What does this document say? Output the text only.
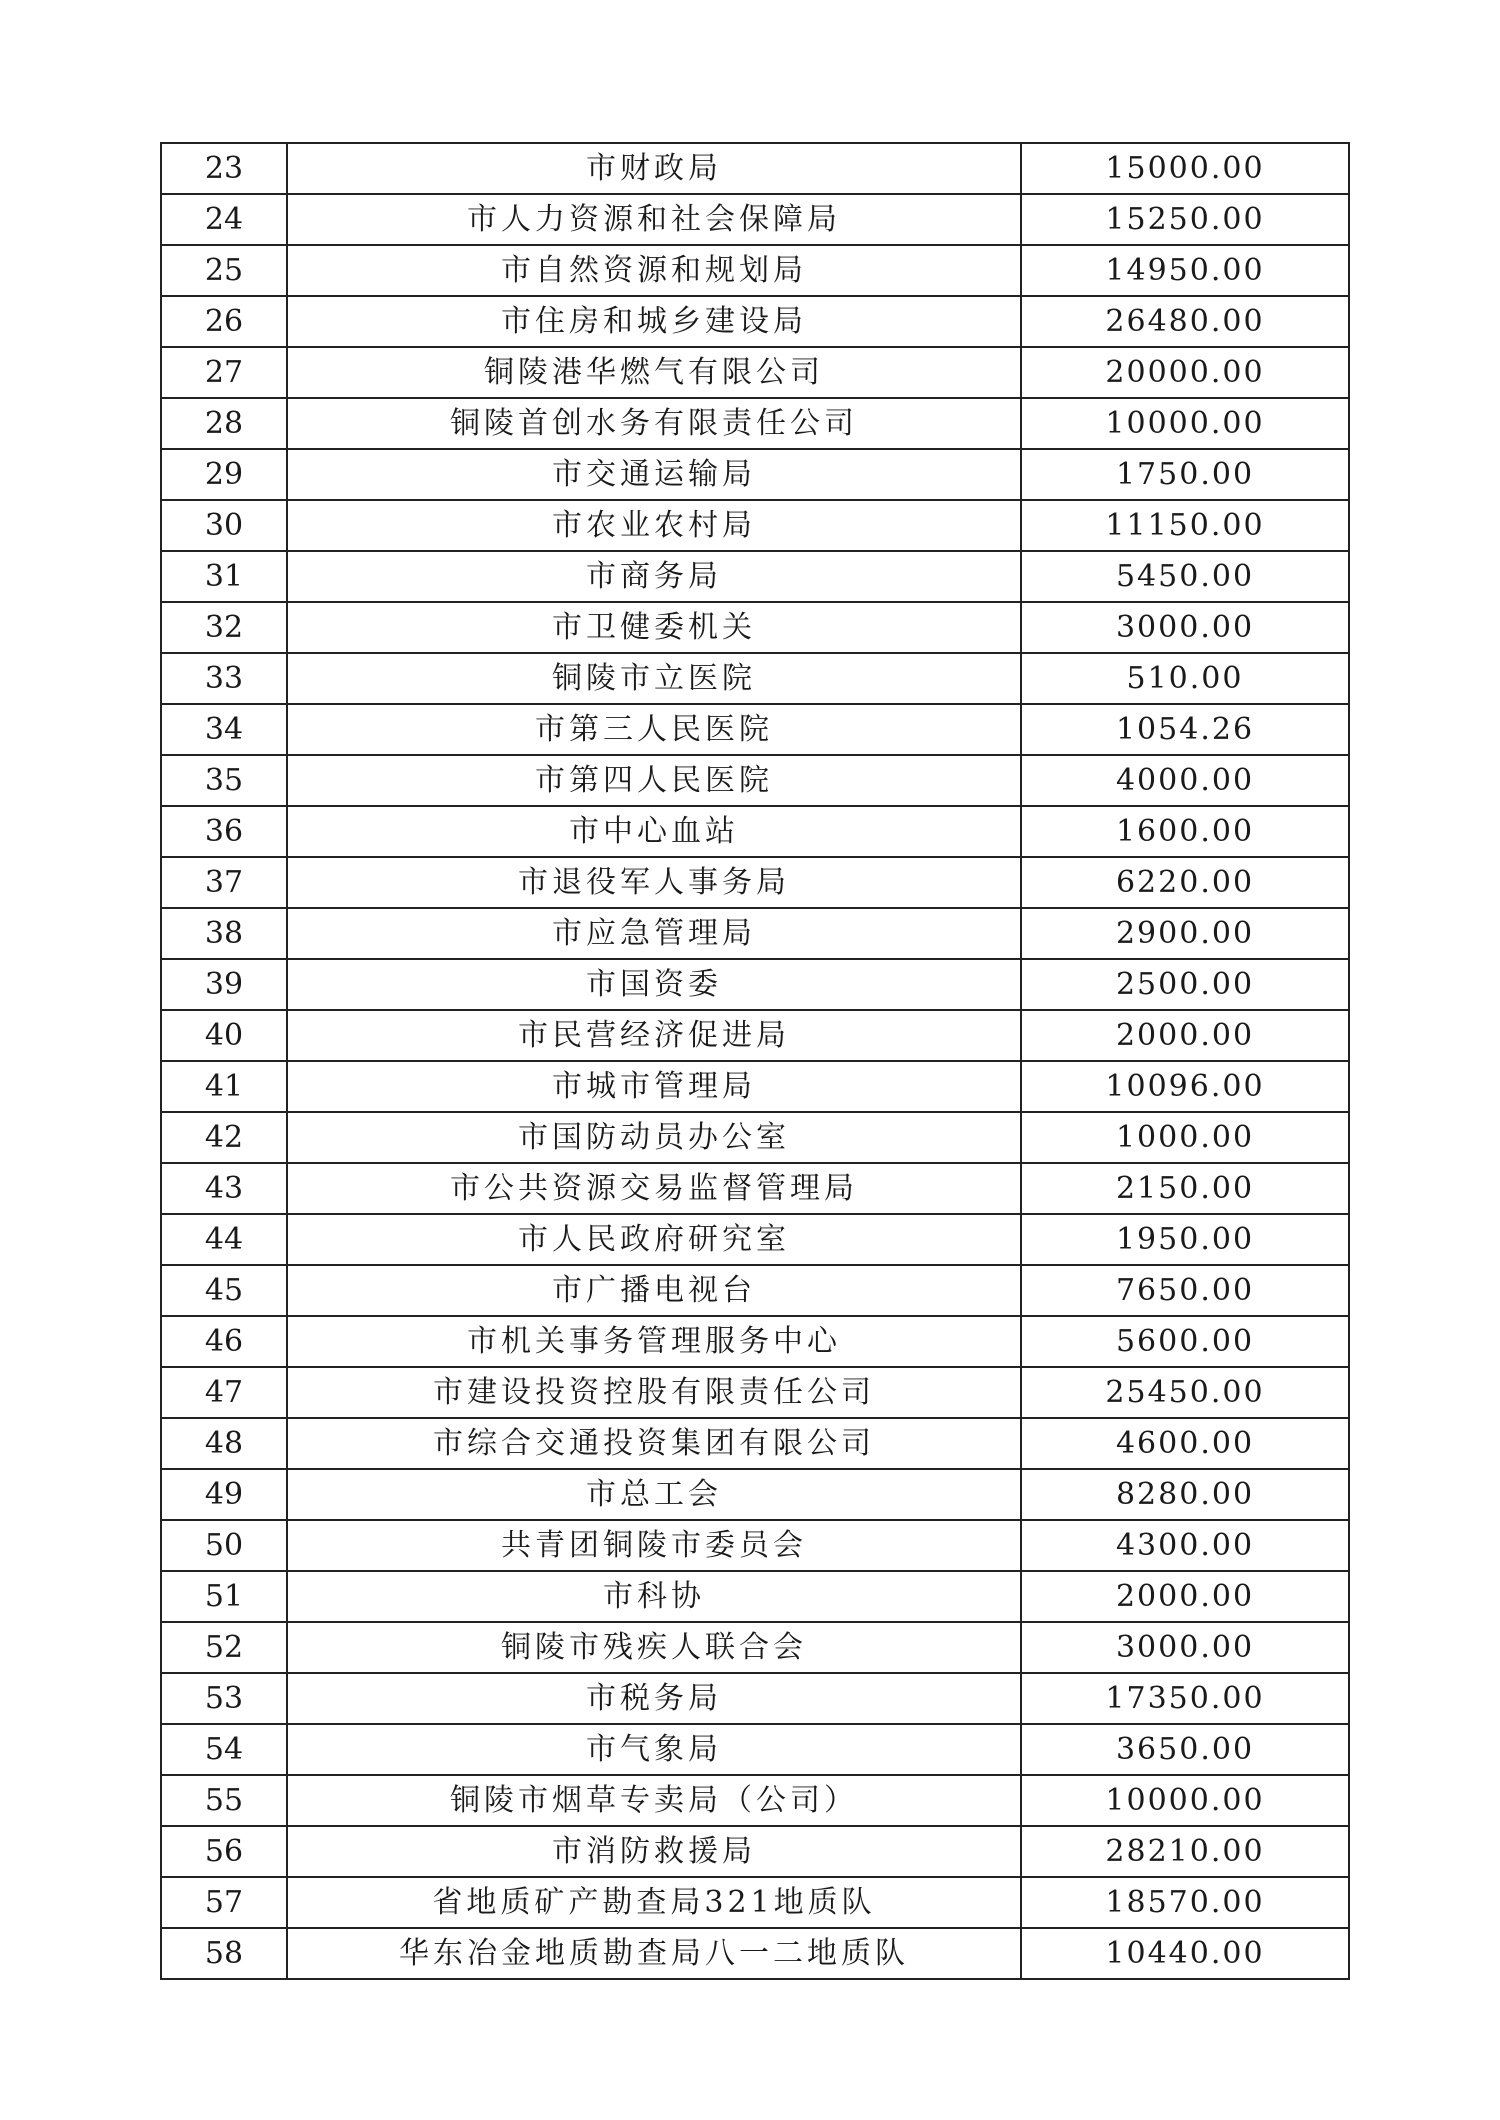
23	市财政局	15000.00
24	市人力资源和社会保障局	15250.00
25	市自然资源和规划局	14950.00
26	市住房和城乡建设局	26480.00
27	铜陵港华燃气有限公司	20000.00
28	铜陵首创水务有限责任公司	10000.00
29	市交通运输局	1750.00
30	市农业农村局	11150.00
31	市商务局	5450.00
32	市卫健委机关	3000.00
33	铜陵市立医院	510.00
34	市第三人民医院	1054.26
35	市第四人民医院	4000.00
36	市中心血站	1600.00
37	市退役军人事务局	6220.00
38	市应急管理局	2900.00
39	市国资委	2500.00
40	市民营经济促进局	2000.00
41	市城市管理局	10096.00
42	市国防动员办公室	1000.00
43	市公共资源交易监督管理局	2150.00
44	市人民政府研究室	1950.00
45	市广播电视台	7650.00
46	市机关事务管理服务中心	5600.00
47	市建设投资控股有限责任公司	25450.00
48	市综合交通投资集团有限公司	4600.00
49	市总工会	8280.00
50	共青团铜陵市委员会	4300.00
51	市科协	2000.00
52	铜陵市残疾人联合会	3000.00
53	市税务局	17350.00
54	市气象局	3650.00
55	铜陵市烟草专卖局（公司）	10000.00
56	市消防救援局	28210.00
57	省地质矿产勘查局321地质队	18570.00
58	华东冶金地质勘查局八一二地质队	10440.00
